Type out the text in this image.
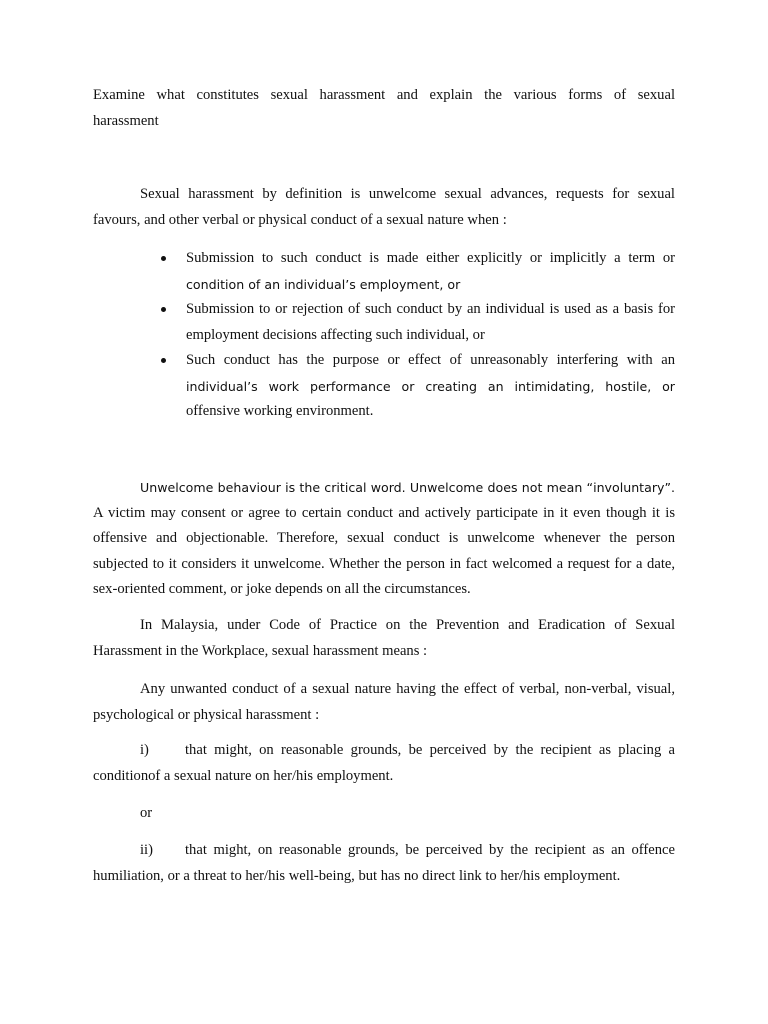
Examine what constitutes sexual harassment and explain the various forms of sexual
harassment

Sexual harassment by definition is unwelcome sexual advances, requests for sexual favours, and other verbal or physical conduct of a sexual nature when :

Submission to such conduct is made either explicitly or implicitly a term or
condition of an individual’s employment, or
Submission to or rejection of such conduct by an individual is used as a basis for employment decisions affecting such individual, or
Such conduct has the purpose or effect of unreasonably interfering with an
individual’s work performance or creating an intimidating, hostile, or
offensive working environment.
Unwelcome behaviour is the critical word. Unwelcome does not mean “involuntary”.
A victim may consent or agree to certain conduct and actively participate in it even though it is offensive and objectionable. Therefore, sexual conduct is unwelcome whenever the person subjected to it considers it unwelcome. Whether the person in fact welcomed a request for a date, sex-oriented comment, or joke depends on all the circumstances.

In Malaysia, under Code of Practice on the Prevention and Eradication of Sexual Harassment in the Workplace, sexual harassment means :

Any unwanted conduct of a sexual nature having the effect of verbal, non-verbal, visual, psychological or physical harassment :

i) that might, on reasonable grounds, be perceived by the recipient as placing a conditionof a sexual nature on her/his employment.

or

ii) that might, on reasonable grounds, be perceived by the recipient as an offence humiliation, or a threat to her/his well-being, but has no direct link to her/his employment.
